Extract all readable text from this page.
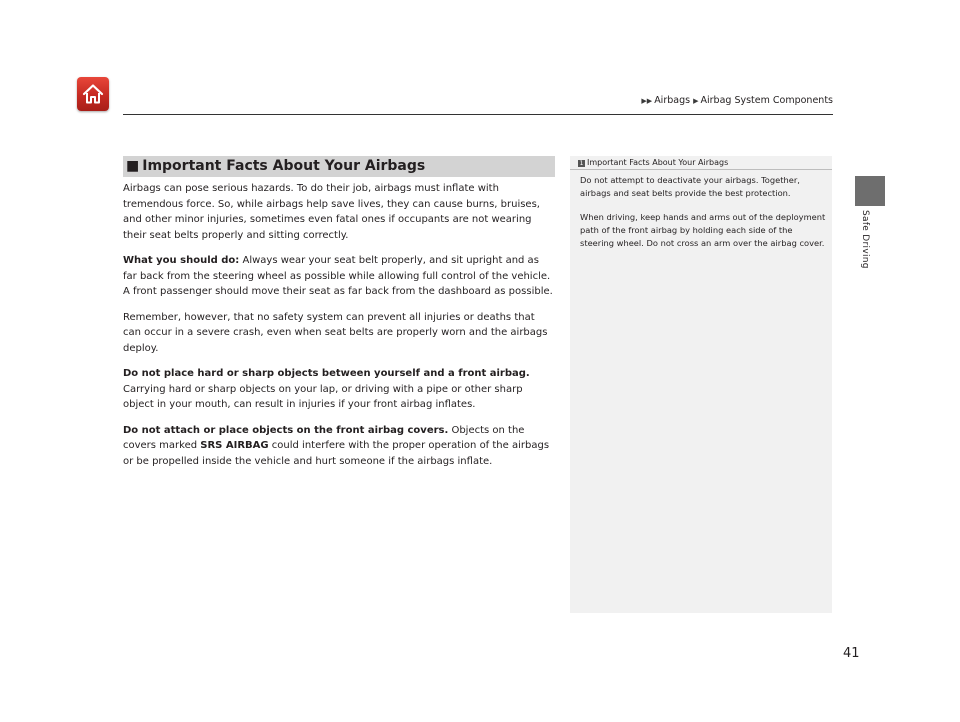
▶▶ Airbags ▶ Airbag System Components
Safe Driving
■ Important Facts About Your Airbags

Airbags can pose serious hazards. To do their job, airbags must inflate with tremendous force. So, while airbags help save lives, they can cause burns, bruises, and other minor injuries, sometimes even fatal ones if occupants are not wearing their seat belts properly and sitting correctly.

What you should do: Always wear your seat belt properly, and sit upright and as far back from the steering wheel as possible while allowing full control of the vehicle. A front passenger should move their seat as far back from the dashboard as possible.

Remember, however, that no safety system can prevent all injuries or deaths that can occur in a severe crash, even when seat belts are properly worn and the airbags deploy.

Do not place hard or sharp objects between yourself and a front airbag.
Carrying hard or sharp objects on your lap, or driving with a pipe or other sharp object in your mouth, can result in injuries if your front airbag inflates.

Do not attach or place objects on the front airbag covers. Objects on the covers marked SRS AIRBAG could interfere with the proper operation of the airbags or be propelled inside the vehicle and hurt someone if the airbags inflate.

1 Important Facts About Your Airbags

Do not attempt to deactivate your airbags. Together, airbags and seat belts provide the best protection.

When driving, keep hands and arms out of the deployment path of the front airbag by holding each side of the steering wheel. Do not cross an arm over the airbag cover.

41
